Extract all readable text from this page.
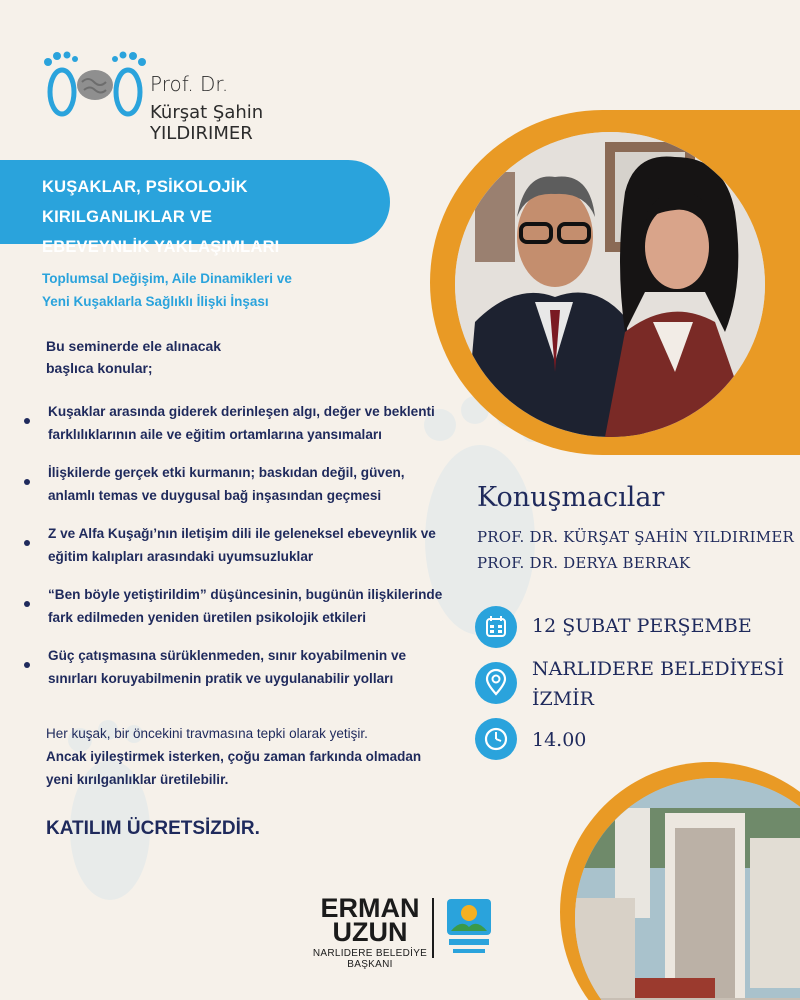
Prof. Dr.
Kürşat Şahin YILDIRIMER
KUŞAKLAR, PSİKOLOJİK KIRILGANLIKLAR VE
EBEVEYNLİK YAKLAŞIMLARI
Toplumsal Değişim, Aile Dinamikleri ve
Yeni Kuşaklarla Sağlıklı İlişki İnşası
Bu seminerde ele alınacak
başlıca konular;
Kuşaklar arasında giderek derinleşen algı, değer ve beklenti
farklılıklarının aile ve eğitim ortamlarına yansımaları
İlişkilerde gerçek etki kurmanın; baskıdan değil, güven,
anlamlı temas ve duygusal bağ inşasından geçmesi
Z ve Alfa Kuşağı’nın iletişim dili ile geleneksel ebeveynlik ve
eğitim kalıpları arasındaki uyumsuzluklar
“Ben böyle yetiştirildim” düşüncesinin, bugünün ilişkilerinde
fark edilmeden yeniden üretilen psikolojik etkileri
Güç çatışmasına sürüklenmeden, sınır koyabilmenin ve
sınırları koruyabilmenin pratik ve uygulanabilir yolları
Her kuşak, bir öncekini travmasına tepki olarak yetişir.
Ancak iyileştirmek isterken, çoğu zaman farkında olmadan
yeni kırılganlıklar üretilebilir.
KATILIM ÜCRETSİZDİR.
Konuşmacılar
PROF. DR. KÜRŞAT ŞAHİN YILDIRIMER
PROF. DR. DERYA BERRAK
12 ŞUBAT PERŞEMBE
NARLIDERE BELEDİYESİ
İZMİR
14.00
ERMAN
UZUN
NARLIDERE BELEDİYE
BAŞKANI
